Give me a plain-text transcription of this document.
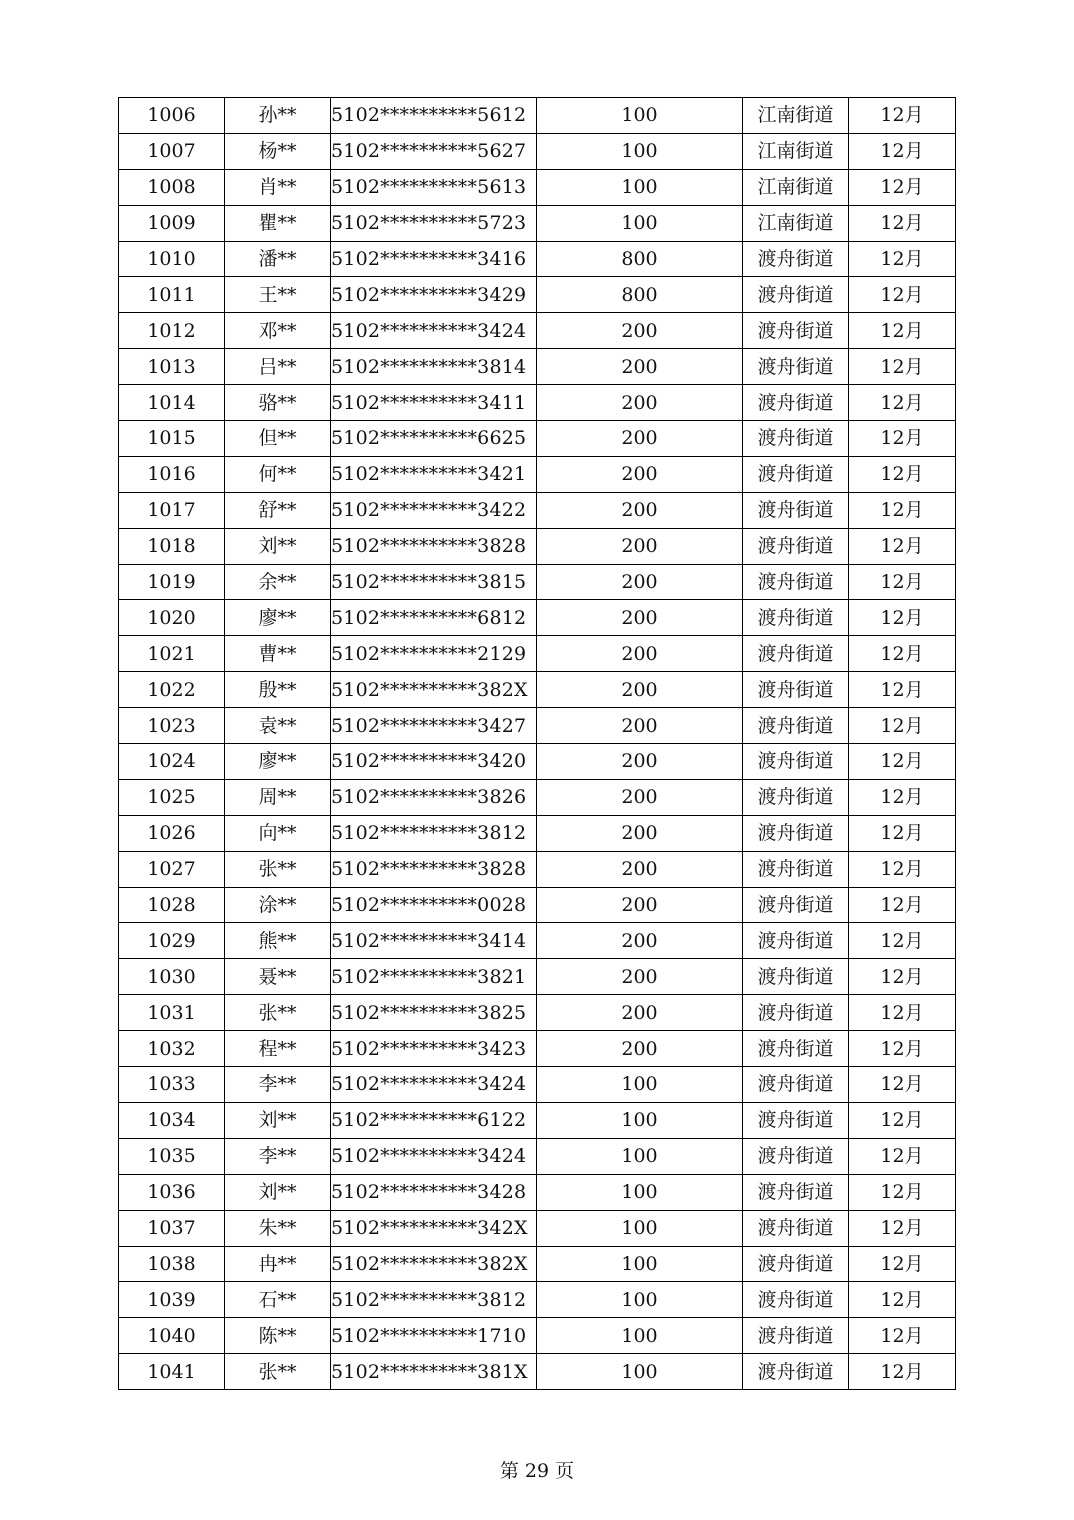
1006	孙**	5102**********5612	100	江南街道	12月
1007	杨**	5102**********5627	100	江南街道	12月
1008	肖**	5102**********5613	100	江南街道	12月
1009	瞿**	5102**********5723	100	江南街道	12月
1010	潘**	5102**********3416	800	渡舟街道	12月
1011	王**	5102**********3429	800	渡舟街道	12月
1012	邓**	5102**********3424	200	渡舟街道	12月
1013	吕**	5102**********3814	200	渡舟街道	12月
1014	骆**	5102**********3411	200	渡舟街道	12月
1015	但**	5102**********6625	200	渡舟街道	12月
1016	何**	5102**********3421	200	渡舟街道	12月
1017	舒**	5102**********3422	200	渡舟街道	12月
1018	刘**	5102**********3828	200	渡舟街道	12月
1019	余**	5102**********3815	200	渡舟街道	12月
1020	廖**	5102**********6812	200	渡舟街道	12月
1021	曹**	5102**********2129	200	渡舟街道	12月
1022	殷**	5102**********382X	200	渡舟街道	12月
1023	袁**	5102**********3427	200	渡舟街道	12月
1024	廖**	5102**********3420	200	渡舟街道	12月
1025	周**	5102**********3826	200	渡舟街道	12月
1026	向**	5102**********3812	200	渡舟街道	12月
1027	张**	5102**********3828	200	渡舟街道	12月
1028	涂**	5102**********0028	200	渡舟街道	12月
1029	熊**	5102**********3414	200	渡舟街道	12月
1030	聂**	5102**********3821	200	渡舟街道	12月
1031	张**	5102**********3825	200	渡舟街道	12月
1032	程**	5102**********3423	200	渡舟街道	12月
1033	李**	5102**********3424	100	渡舟街道	12月
1034	刘**	5102**********6122	100	渡舟街道	12月
1035	李**	5102**********3424	100	渡舟街道	12月
1036	刘**	5102**********3428	100	渡舟街道	12月
1037	朱**	5102**********342X	100	渡舟街道	12月
1038	冉**	5102**********382X	100	渡舟街道	12月
1039	石**	5102**********3812	100	渡舟街道	12月
1040	陈**	5102**********1710	100	渡舟街道	12月
1041	张**	5102**********381X	100	渡舟街道	12月
第 29 页
